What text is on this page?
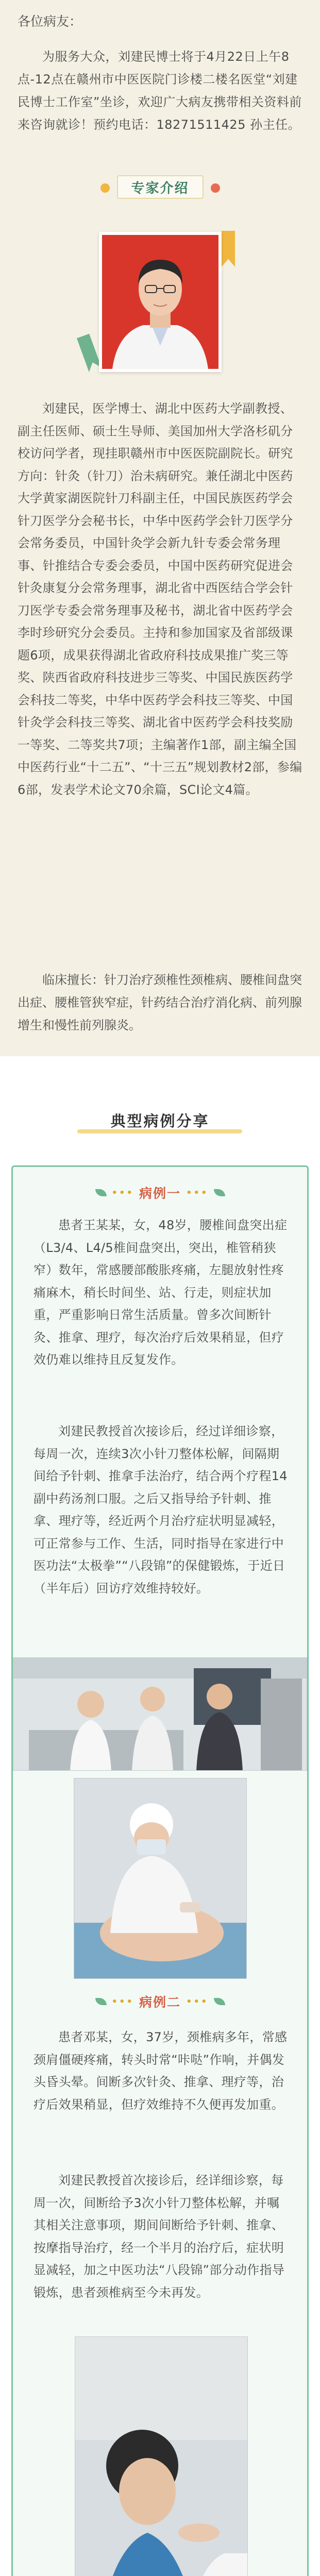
各位病友：

为服务大众，刘建民博士将于4月22日上午8点-12点在赣州市中医医院门诊楼二楼名医堂“刘建民博士工作室”坐诊，欢迎广大病友携带相关资料前来咨询就诊！预约电话：18271511425 孙主任。

专家介绍

刘建民，医学博士、湖北中医药大学副教授、副主任医师、硕士生导师、美国加州大学洛杉矶分校访问学者，现挂职赣州市中医医院副院长。研究方向：针灸（针刀）治未病研究。兼任湖北中医药大学黄家湖医院针刀科副主任，中国民族医药学会针刀医学分会秘书长，中华中医药学会针刀医学分会常务委员，中国针灸学会新九针专委会常务理事、针推结合专委会委员，中国中医药研究促进会针灸康复分会常务理事，湖北省中西医结合学会针刀医学专委会常务理事及秘书，湖北省中医药学会李时珍研究分会委员。主持和参加国家及省部级课题6项，成果获得湖北省政府科技成果推广奖三等奖、陕西省政府科技进步三等奖、中国民族医药学会科技二等奖，中华中医药学会科技三等奖、中国针灸学会科技三等奖、湖北省中医药学会科技奖励一等奖、二等奖共7项；主编著作1部，副主编全国中医药行业“十二五”、“十三五”规划教材2部，参编6部，发表学术论文70余篇，SCI论文4篇。

临床擅长：针刀治疗颈椎性颈椎病、腰椎间盘突出症、腰椎管狭窄症，针药结合治疗消化病、前列腺增生和慢性前列腺炎。

典型病例分享
••• 病例一 •••

患者王某某，女，48岁，腰椎间盘突出症（L3/4、L4/5椎间盘突出，突出，椎管稍狭窄）数年，常感腰部酸胀疼痛，左腿放射性疼痛麻木，稍长时间坐、站、行走，则症状加重，严重影响日常生活质量。曾多次间断针灸、推拿、理疗，每次治疗后效果稍显，但疗效仍难以维持且反复发作。

刘建民教授首次接诊后，经过详细诊察，每周一次，连续3次小针刀整体松解，间隔期间给予针刺、推拿手法治疗，结合两个疗程14副中药汤剂口服。之后又指导给予针刺、推拿、理疗等，经近两个月治疗症状明显减轻，可正常参与工作、生活，同时指导在家进行中医功法“太极拳”“八段锦”的保健锻炼，于近日（半年后）回访疗效维持较好。

••• 病例二 •••

患者邓某，女，37岁，颈椎病多年，常感颈肩僵硬疼痛，转头时常“咔哒”作响，并偶发头昏头晕。间断多次针灸、推拿、理疗等，治疗后效果稍显，但疗效维持不久便再发加重。

刘建民教授首次接诊后，经详细诊察，每周一次，间断给予3次小针刀整体松解，并嘱其相关注意事项，期间间断给予针刺、推拿、按摩指导治疗，经一个半月的治疗后，症状明显减轻，加之中医功法“八段锦”部分动作指导锻炼，患者颈椎病至今未再发。
